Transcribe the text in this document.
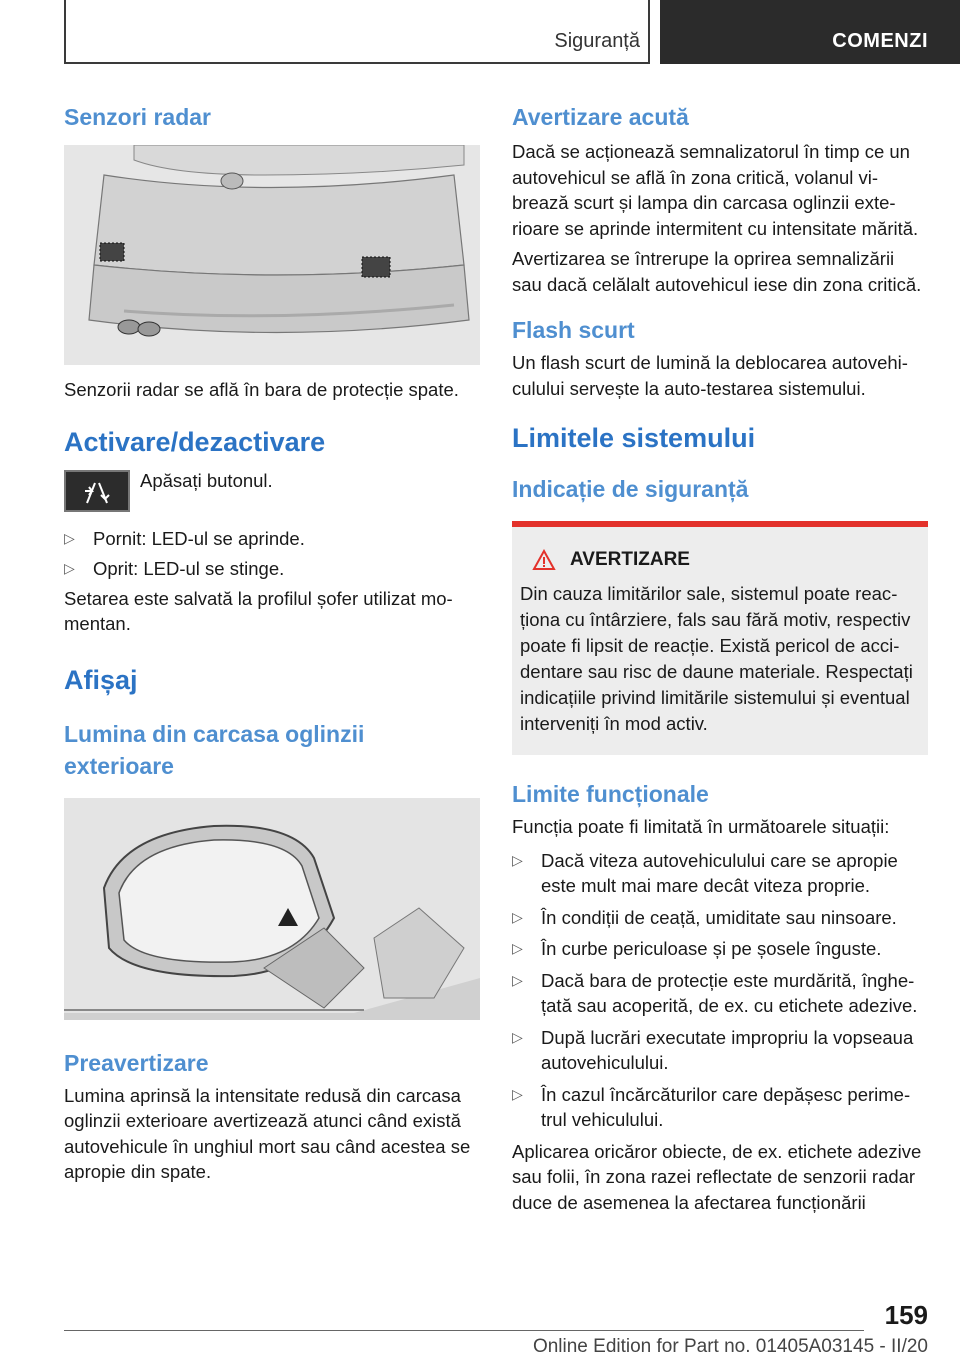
Siguranță	COMENZI
Senzori radar

Senzorii radar se află în bara de protecție spate.

Activare/dezactivare

Apăsați butonul.

▷ Pornit: LED-ul se aprinde.
▷ Oprit: LED-ul se stinge.

Setarea este salvată la profilul șofer utilizat momentan.

Afișaj
Lumina din carcasa oglinzii exterioare
Preavertizare

Lumina aprinsă la intensitate redusă din carcasa oglinzii exterioare avertizează atunci când există autovehicule în unghiul mort sau când acestea se apropie din spate.

Avertizare acută

Dacă se acționează semnalizatorul în timp ce un autovehicul se află în zona critică, volanul vibrează scurt și lampa din carcasa oglinzii exterioare se aprinde intermitent cu intensitate mărită.

Avertizarea se întrerupe la oprirea semnalizării sau dacă celălalt autovehicul iese din zona critică.

Flash scurt

Un flash scurt de lumină la deblocarea autovehiculului servește la auto-testarea sistemului.

Limitele sistemului
Indicație de siguranță
AVERTIZARE

Din cauza limitărilor sale, sistemul poate reacționa cu întârziere, fals sau fără motiv, respectiv poate fi lipsit de reacție. Există pericol de accidentare sau risc de daune materiale. Respectați indicațiile privind limitările sistemului și eventual interveniți în mod activ.

Limite funcționale

Funcția poate fi limitată în următoarele situații:

▷ Dacă viteza autovehiculului care se apropie este mult mai mare decât viteza proprie.
▷ În condiții de ceață, umiditate sau ninsoare.
▷ În curbe periculoase și pe șosele înguste.
▷ Dacă bara de protecție este murdărită, înghețată sau acoperită, de ex. cu etichete adezive.
▷ După lucrări executate impropriu la vopseaua autovehiculului.
▷ În cazul încărcăturilor care depășesc perimetrul vehiculului.

Aplicarea oricăror obiecte, de ex. etichete adezive sau folii, în zona razei reflectate de senzorii radar duce de asemenea la afectarea funcționării

159
Online Edition for Part no. 01405A03145 - II/20
